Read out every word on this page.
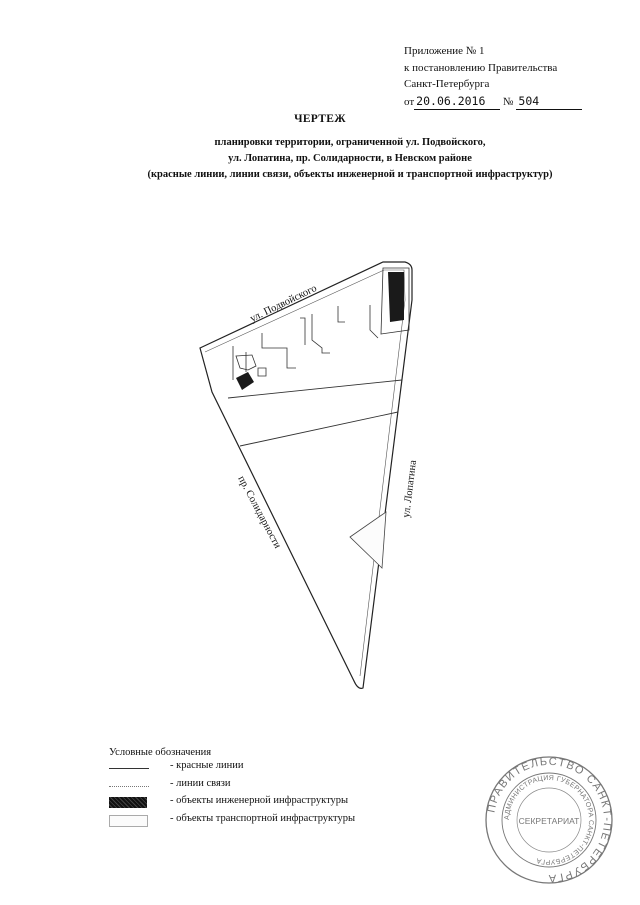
Приложение № 1
к постановлению Правительства
Санкт-Петербурга
от 20.06.2016 № 504
ЧЕРТЕЖ
планировки территории, ограниченной ул. Подвойского,
ул. Лопатина, пр. Солидарности, в Невском районе
(красные линии, линии связи, объекты инженерной и транспортной инфраструктур)
ул. Подвойского
ул. Лопатина
пр. Солидарности
Условные обозначения
- красные линии
- линии связи
- объекты инженерной инфраструктуры
- объекты транспортной инфраструктуры
ПРАВИТЕЛЬСТВО САНКТ-ПЕТЕРБУРГА
АДМИНИСТРАЦИЯ ГУБЕРНАТОРА САНКТ-ПЕТЕРБУРГА
СЕКРЕТАРИАТ
